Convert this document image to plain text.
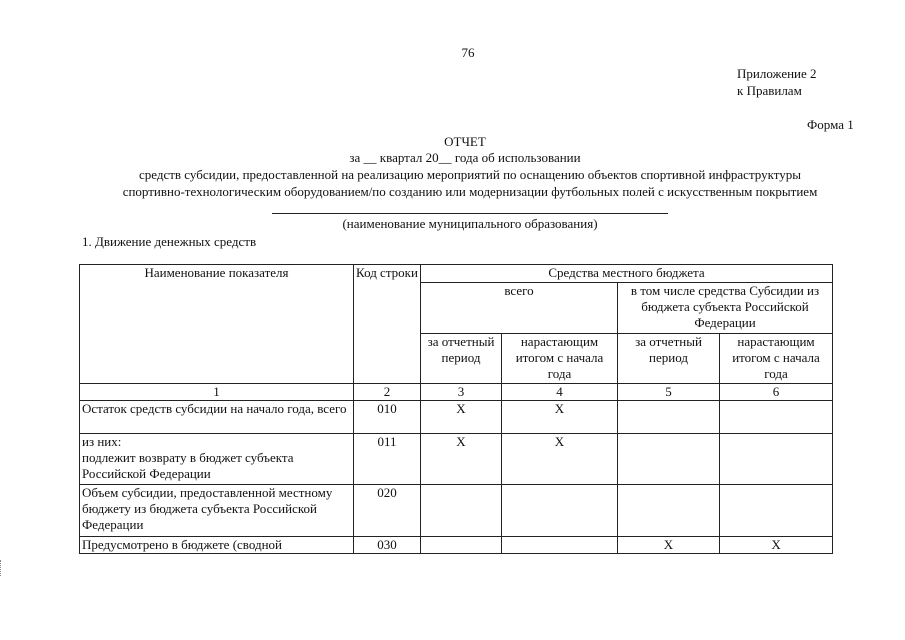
76
Приложение 2
к Правилам
Форма 1
ОТЧЕТ
за __ квартал 20__ года об использовании
средств субсидии, предоставленной на реализацию мероприятий по оснащению объектов спортивной инфраструктуры
спортивно-технологическим оборудованием/по созданию или модернизации футбольных полей с искусственным покрытием
(наименование муниципального образования)
1. Движение денежных средств
Наименование показателя	Код строки	Средства местного бюджета			
		всего		в том числе средства Субсидии из бюджета субъекта Российской Федерации	
		за отчетный период	нарастающим итогом с начала года	за отчетный период	нарастающим итогом с начала года
1	2	3	4	5	6
Остаток средств субсидии на начало года, всего	010	X	X		
из них:
подлежит возврату в бюджет субъекта Российской Федерации	011	X	X		
Объем субсидии, предоставленной местному бюджету из бюджета субъекта Российской Федерации	020				
Предусмотрено в бюджете (сводной	030			X	X
